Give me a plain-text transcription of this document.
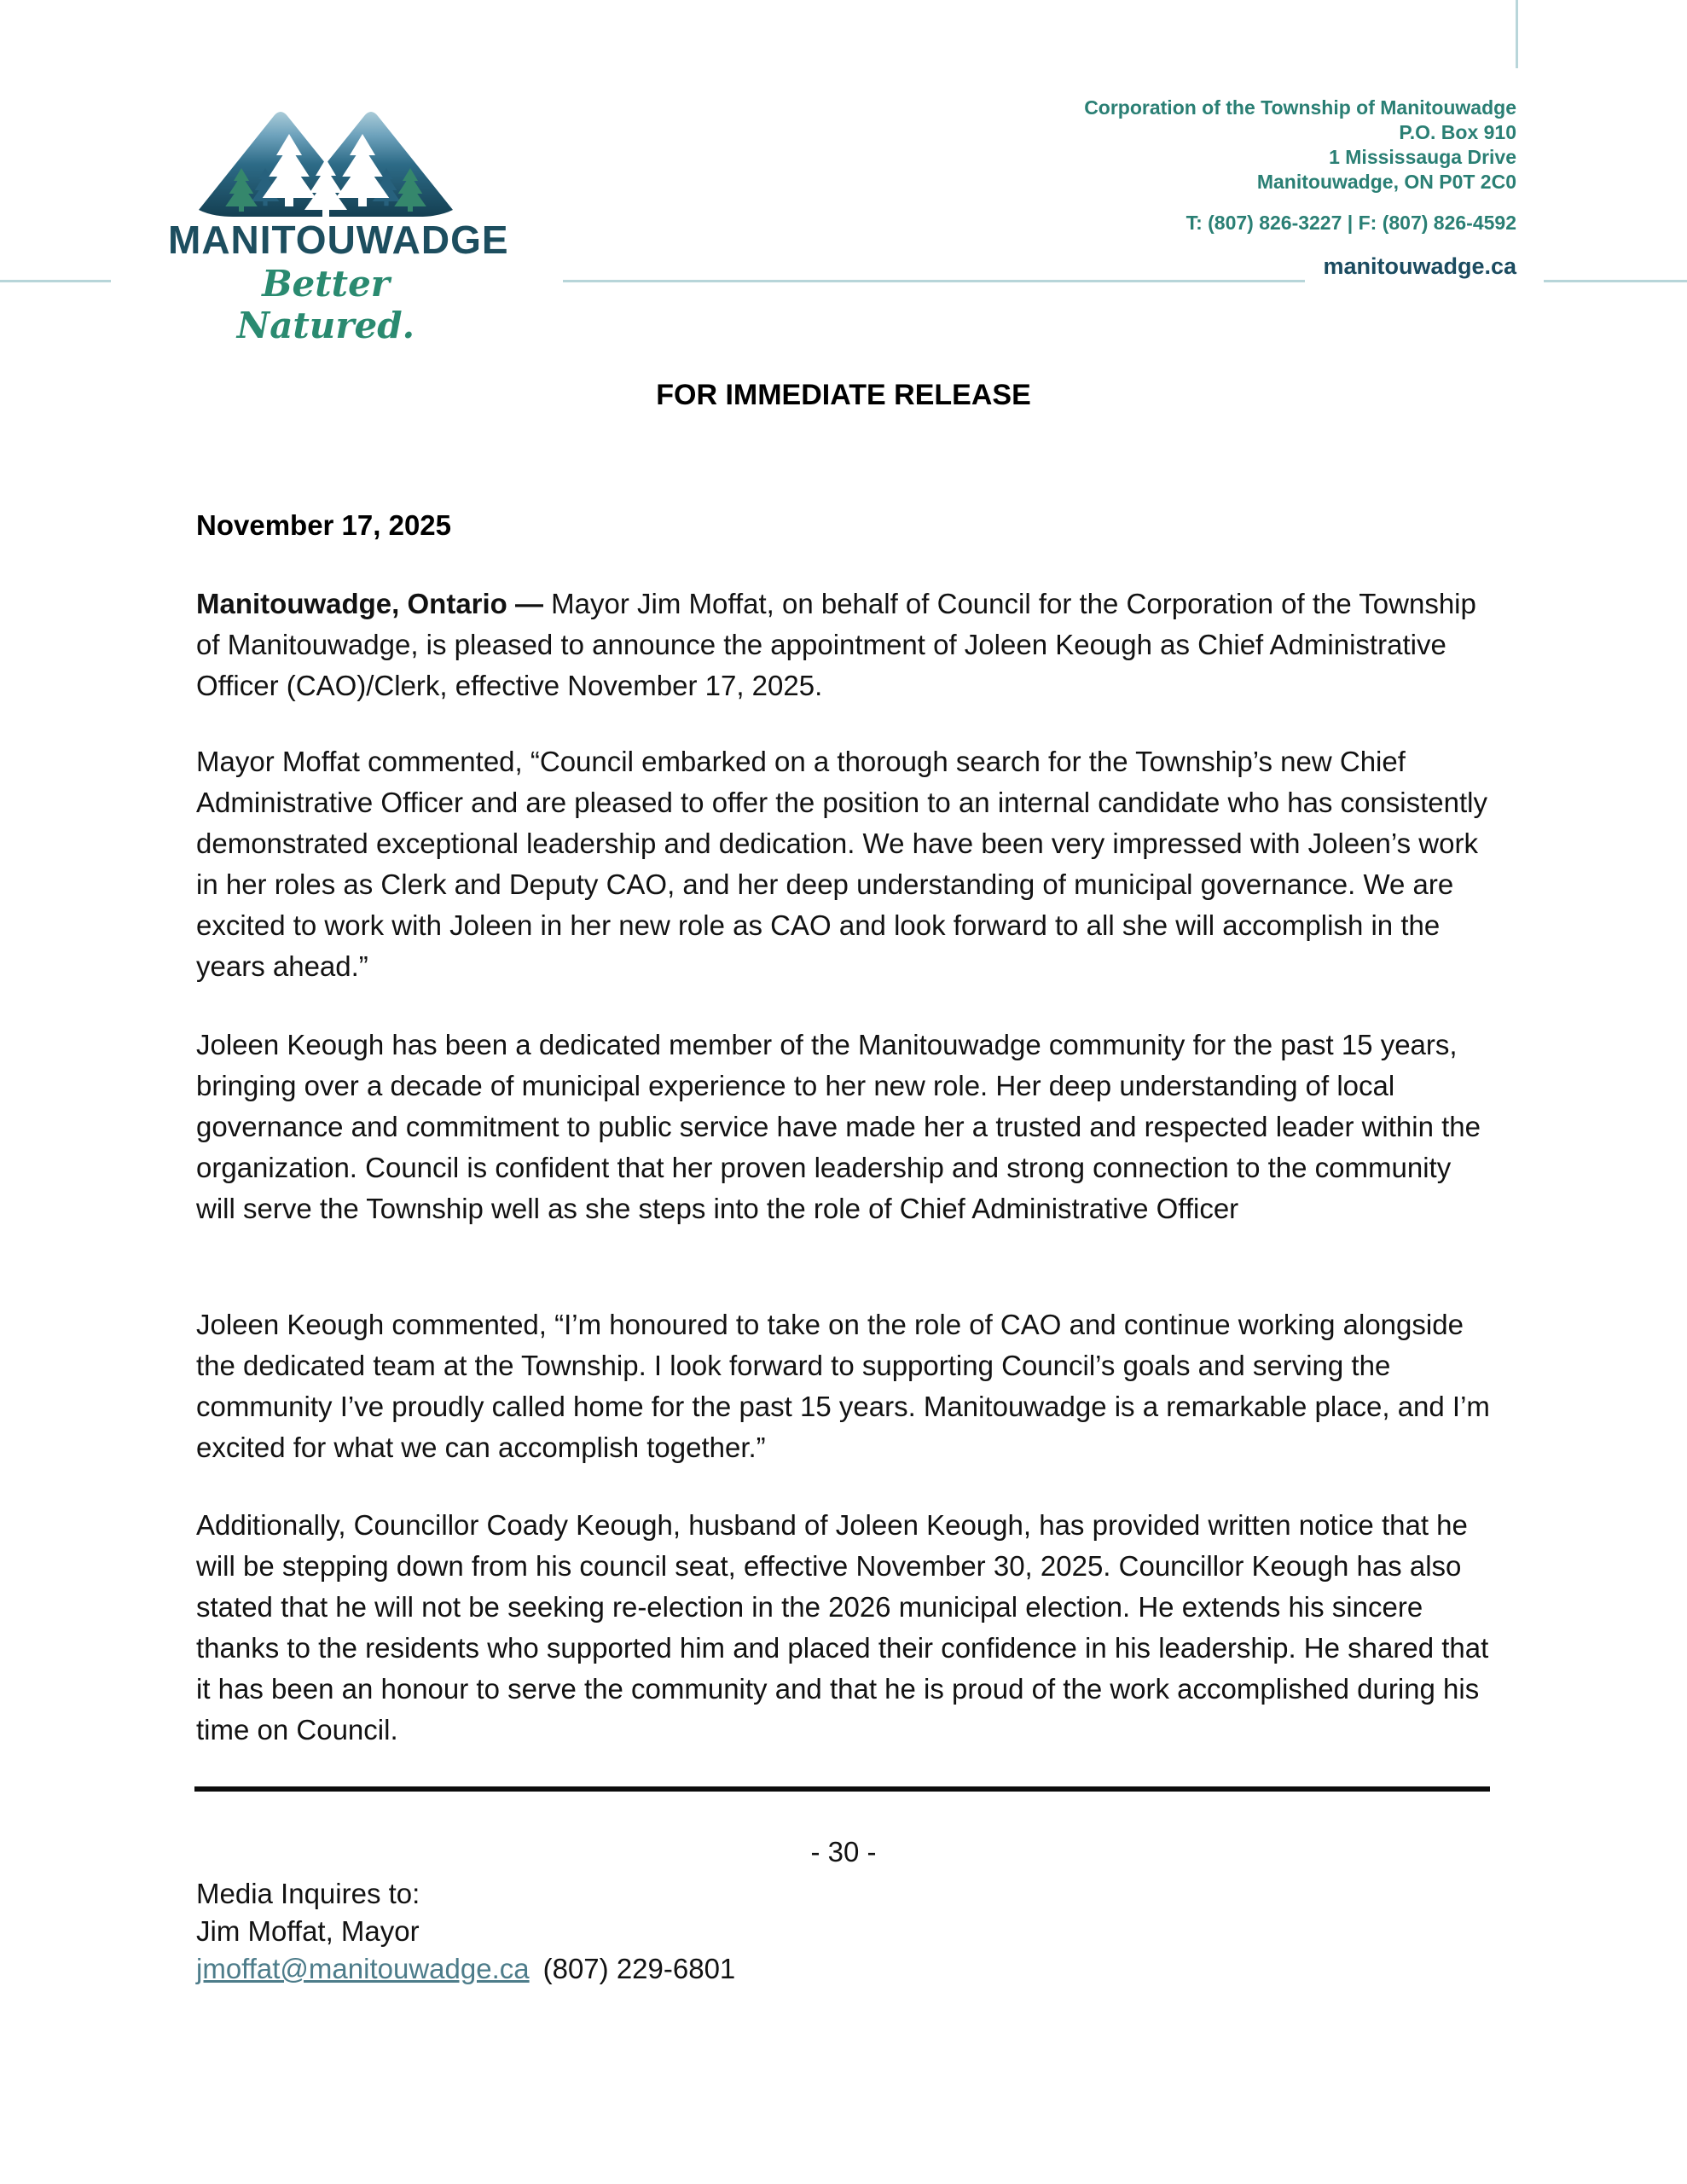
MANITOUWADGE
Better Natured.
Corporation of the Township of Manitouwadge
P.O. Box 910
1 Mississauga Drive
Manitouwadge, ON P0T 2C0
T: (807) 826-3227 | F: (807) 826-4592
manitouwadge.ca
FOR IMMEDIATE RELEASE
November 17, 2025
Manitouwadge, Ontario — Mayor Jim Moffat, on behalf of Council for the Corporation of the Township of Manitouwadge, is pleased to announce the appointment of Joleen Keough as Chief Administrative Officer (CAO)/Clerk, effective November 17, 2025.
Mayor Moffat commented, “Council embarked on a thorough search for the Township’s new Chief Administrative Officer and are pleased to offer the position to an internal candidate who has consistently demonstrated exceptional leadership and dedication. We have been very impressed with Joleen’s work in her roles as Clerk and Deputy CAO, and her deep understanding of municipal governance. We are excited to work with Joleen in her new role as CAO and look forward to all she will accomplish in the years ahead.”
Joleen Keough has been a dedicated member of the Manitouwadge community for the past 15 years, bringing over a decade of municipal experience to her new role. Her deep understanding of local governance and commitment to public service have made her a trusted and respected leader within the organization. Council is confident that her proven leadership and strong connection to the community will serve the Township well as she steps into the role of Chief Administrative Officer
Joleen Keough commented, “I’m honoured to take on the role of CAO and continue working alongside the dedicated team at the Township. I look forward to supporting Council’s goals and serving the community I’ve proudly called home for the past 15 years. Manitouwadge is a remarkable place, and I’m excited for what we can accomplish together.”
Additionally, Councillor Coady Keough, husband of Joleen Keough, has provided written notice that he will be stepping down from his council seat, effective November 30, 2025. Councillor Keough has also stated that he will not be seeking re-election in the 2026 municipal election. He extends his sincere thanks to the residents who supported him and placed their confidence in his leadership. He shared that it has been an honour to serve the community and that he is proud of the work accomplished during his time on Council.
- 30 -
Media Inquires to:
Jim Moffat, Mayor
jmoffat@manitouwadge.ca (807) 229-6801
